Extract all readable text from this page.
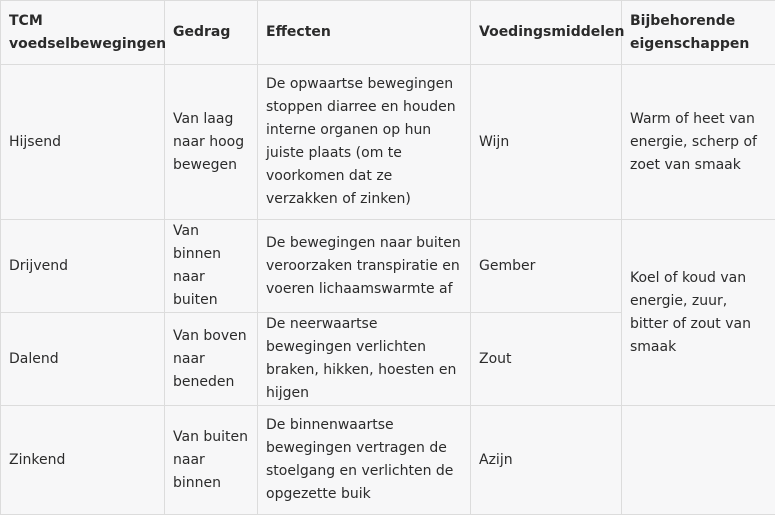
TCM voedselbewegingen	Gedrag	Effecten	Voedingsmiddelen	Bijbehorende eigenschappen
Hijsend	Van laag naar hoog bewegen	De opwaartse bewegingen stoppen diarree en houden interne organen op hun juiste plaats (om te voorkomen dat ze verzakken of zinken)	Wijn	Warm of heet van energie, scherp of zoet van smaak
Drijvend	Van binnen naar buiten	De bewegingen naar buiten veroorzaken transpiratie en voeren lichaamswarmte af	Gember	Koel of koud van energie, zuur, bitter of zout van smaak
Dalend	Van boven naar beneden	De neerwaartse bewegingen verlichten braken, hikken, hoesten en hijgen	Zout	
Zinkend	Van buiten naar binnen	De binnenwaartse bewegingen vertragen de stoelgang en verlichten de opgezette buik	Azijn	
